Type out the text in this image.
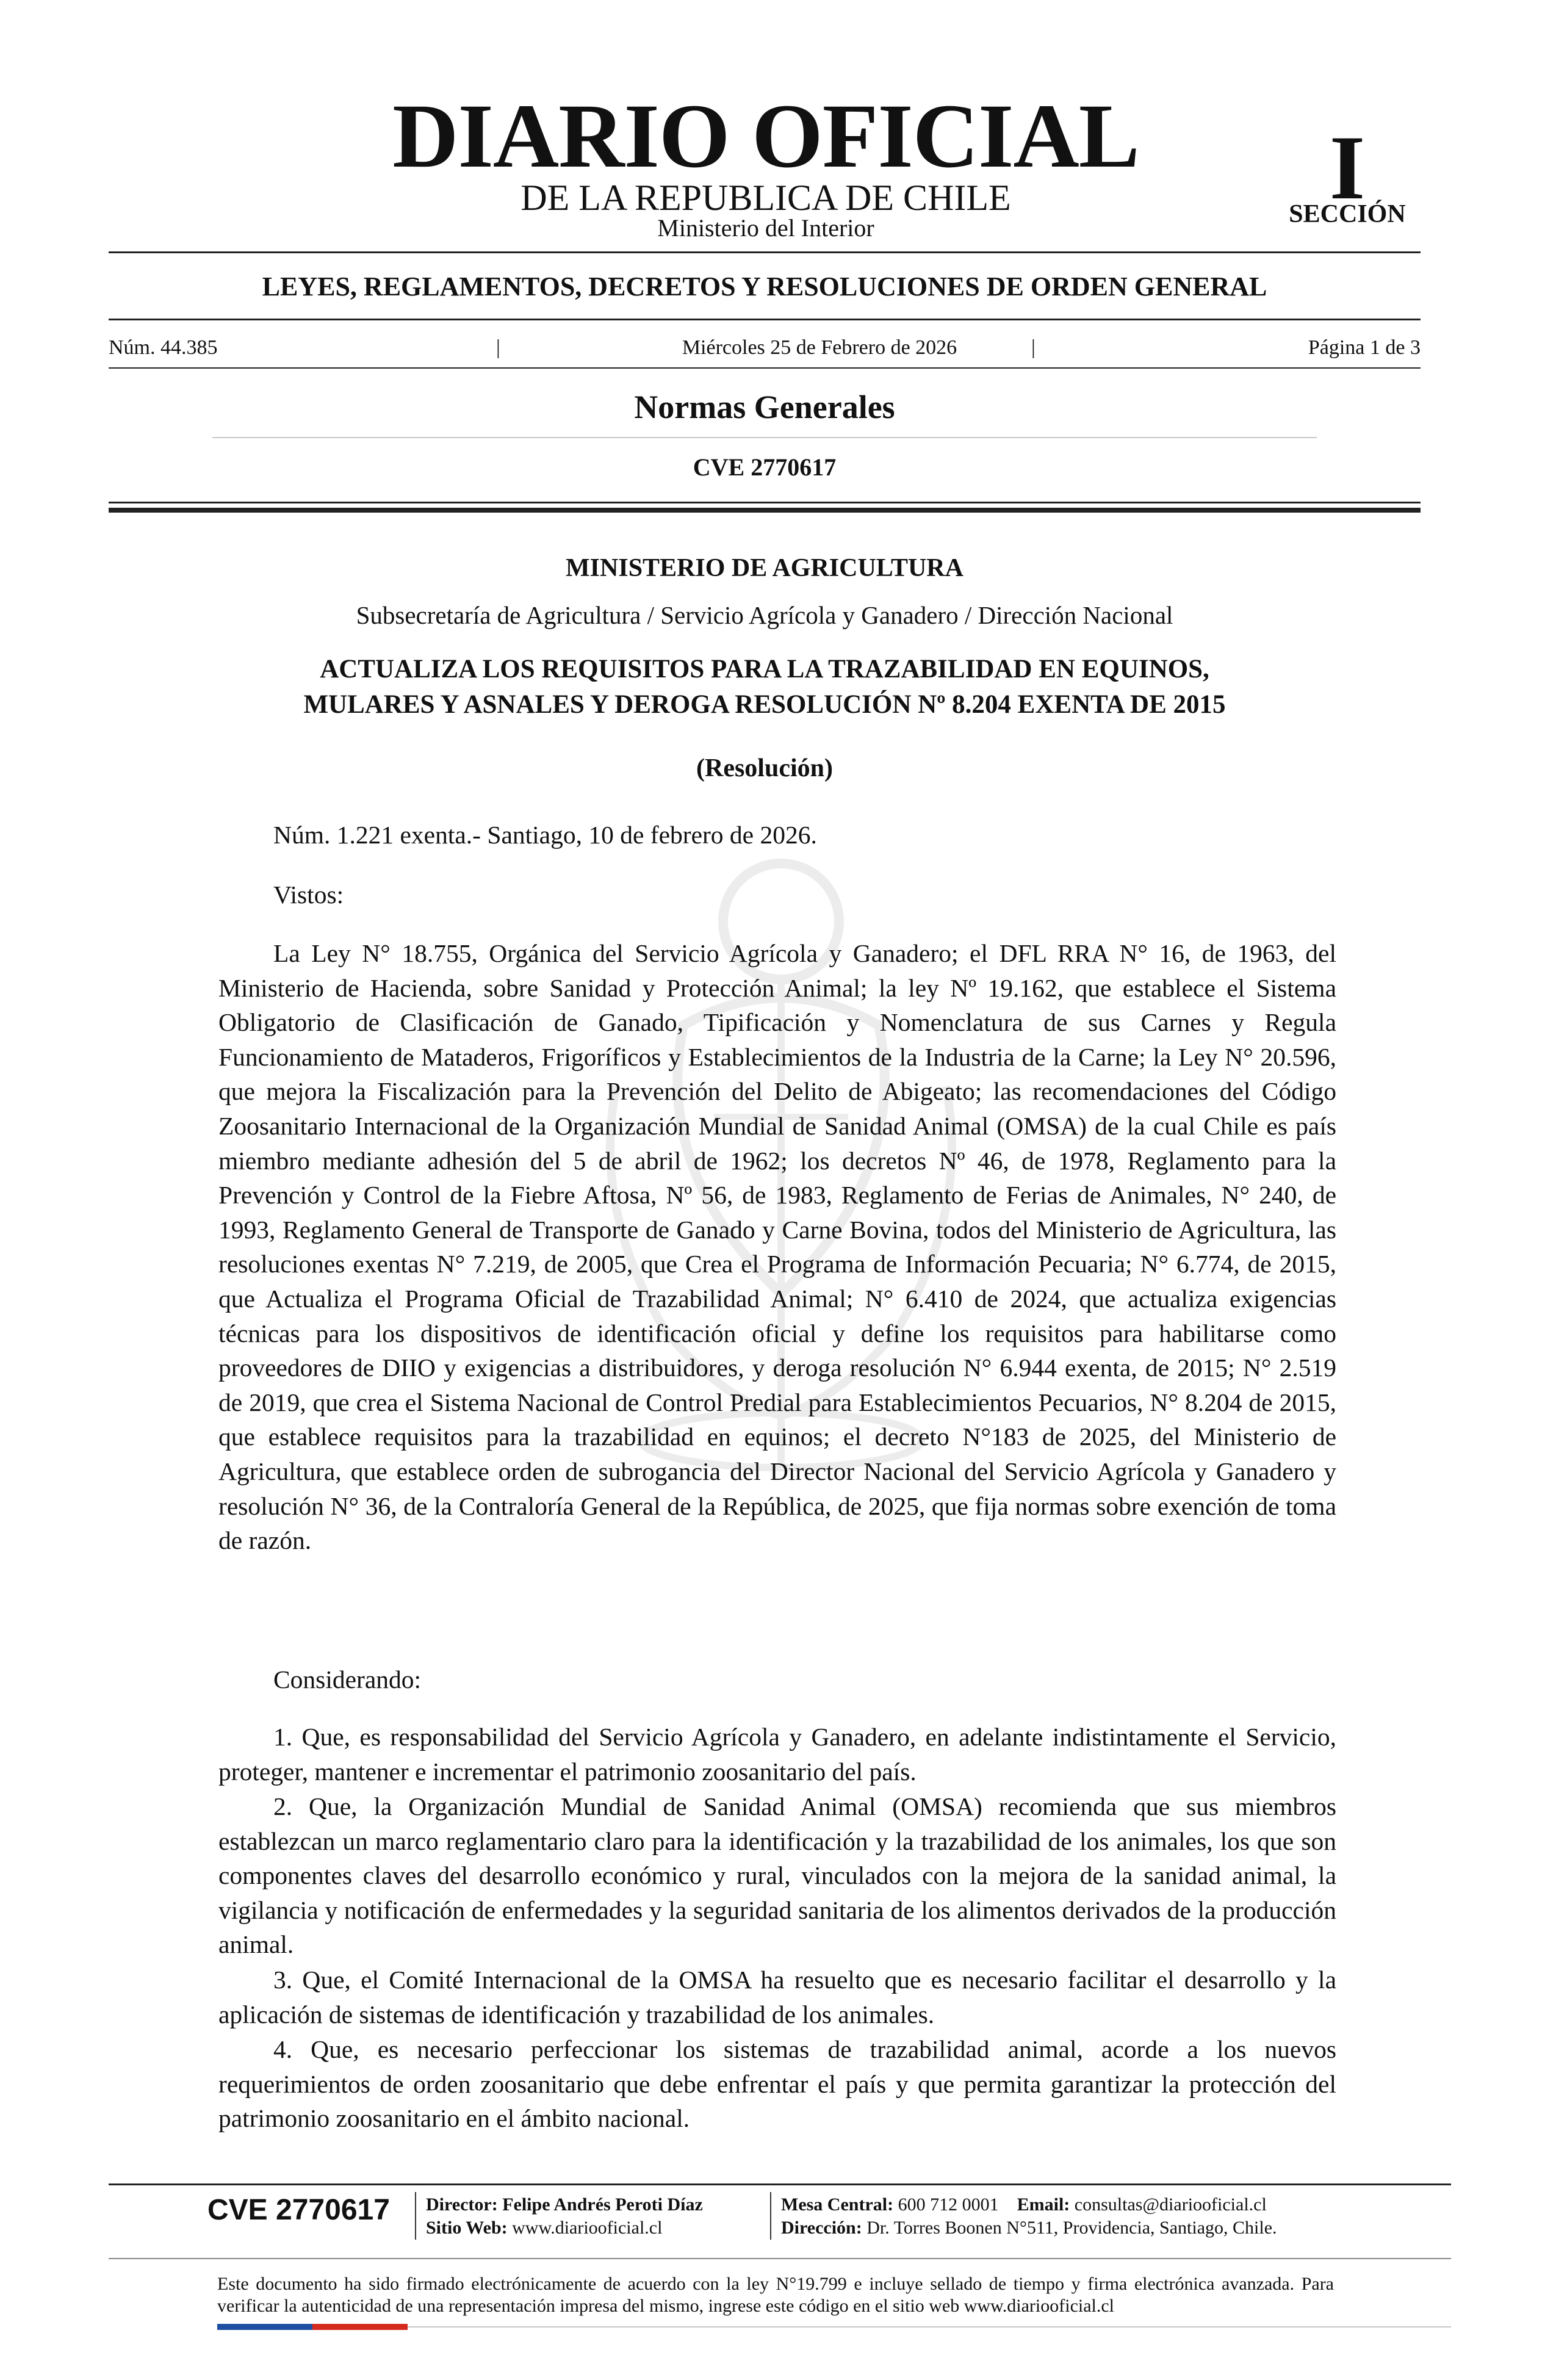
DIARIO OFICIAL
DE LA REPUBLICA DE CHILE
Ministerio del Interior
I
SECCIÓN
LEYES, REGLAMENTOS, DECRETOS Y RESOLUCIONES DE ORDEN GENERAL
Núm. 44.385	|	Miércoles 25 de Febrero de 2026	|	Página 1 de 3
Normas Generales
CVE 2770617
MINISTERIO DE AGRICULTURA
Subsecretaría de Agricultura / Servicio Agrícola y Ganadero / Dirección Nacional
ACTUALIZA LOS REQUISITOS PARA LA TRAZABILIDAD EN EQUINOS,
MULARES Y ASNALES Y DEROGA RESOLUCIÓN Nº 8.204 EXENTA DE 2015
(Resolución)
Núm. 1.221 exenta.- Santiago, 10 de febrero de 2026.
Vistos:

La Ley N° 18.755, Orgánica del Servicio Agrícola y Ganadero; el DFL RRA N° 16, de 1963, del Ministerio de Hacienda, sobre Sanidad y Protección Animal; la ley Nº 19.162, que establece el Sistema Obligatorio de Clasificación de Ganado, Tipificación y Nomenclatura de sus Carnes y Regula Funcionamiento de Mataderos, Frigoríficos y Establecimientos de la Industria de la Carne; la Ley N° 20.596, que mejora la Fiscalización para la Prevención del Delito de Abigeato; las recomendaciones del Código Zoosanitario Internacional de la Organización Mundial de Sanidad Animal (OMSA) de la cual Chile es país miembro mediante adhesión del 5 de abril de 1962; los decretos Nº 46, de 1978, Reglamento para la Prevención y Control de la Fiebre Aftosa, Nº 56, de 1983, Reglamento de Ferias de Animales, N° 240, de 1993, Reglamento General de Transporte de Ganado y Carne Bovina, todos del Ministerio de Agricultura, las resoluciones exentas N° 7.219, de 2005, que Crea el Programa de Información Pecuaria; N° 6.774, de 2015, que Actualiza el Programa Oficial de Trazabilidad Animal; N° 6.410 de 2024, que actualiza exigencias técnicas para los dispositivos de identificación oficial y define los requisitos para habilitarse como proveedores de DIIO y exigencias a distribuidores, y deroga resolución N° 6.944 exenta, de 2015; N° 2.519 de 2019, que crea el Sistema Nacional de Control Predial para Establecimientos Pecuarios, N° 8.204 de 2015, que establece requisitos para la trazabilidad en equinos; el decreto N°183 de 2025, del Ministerio de Agricultura, que establece orden de subrogancia del Director Nacional del Servicio Agrícola y Ganadero y resolución N° 36, de la Contraloría General de la República, de 2025, que fija normas sobre exención de toma de razón.

Considerando:

1. Que, es responsabilidad del Servicio Agrícola y Ganadero, en adelante indistintamente el Servicio, proteger, mantener e incrementar el patrimonio zoosanitario del país.

2. Que, la Organización Mundial de Sanidad Animal (OMSA) recomienda que sus miembros establezcan un marco reglamentario claro para la identificación y la trazabilidad de los animales, los que son componentes claves del desarrollo económico y rural, vinculados con la mejora de la sanidad animal, la vigilancia y notificación de enfermedades y la seguridad sanitaria de los alimentos derivados de la producción animal.

3. Que, el Comité Internacional de la OMSA ha resuelto que es necesario facilitar el desarrollo y la aplicación de sistemas de identificación y trazabilidad de los animales.

4. Que, es necesario perfeccionar los sistemas de trazabilidad animal, acorde a los nuevos requerimientos de orden zoosanitario que debe enfrentar el país y que permita garantizar la protección del patrimonio zoosanitario en el ámbito nacional.

CVE 2770617	Director: Felipe Andrés Peroti Díaz
Sitio Web: www.diariooficial.cl
Mesa Central: 600 712 0001 Email: consultas@diariooficial.cl
Dirección: Dr. Torres Boonen N°511, Providencia, Santiago, Chile.
Este documento ha sido firmado electrónicamente de acuerdo con la ley N°19.799 e incluye sellado de tiempo y firma electrónica avanzada. Para verificar la autenticidad de una representación impresa del mismo, ingrese este código en el sitio web www.diariooficial.cl
